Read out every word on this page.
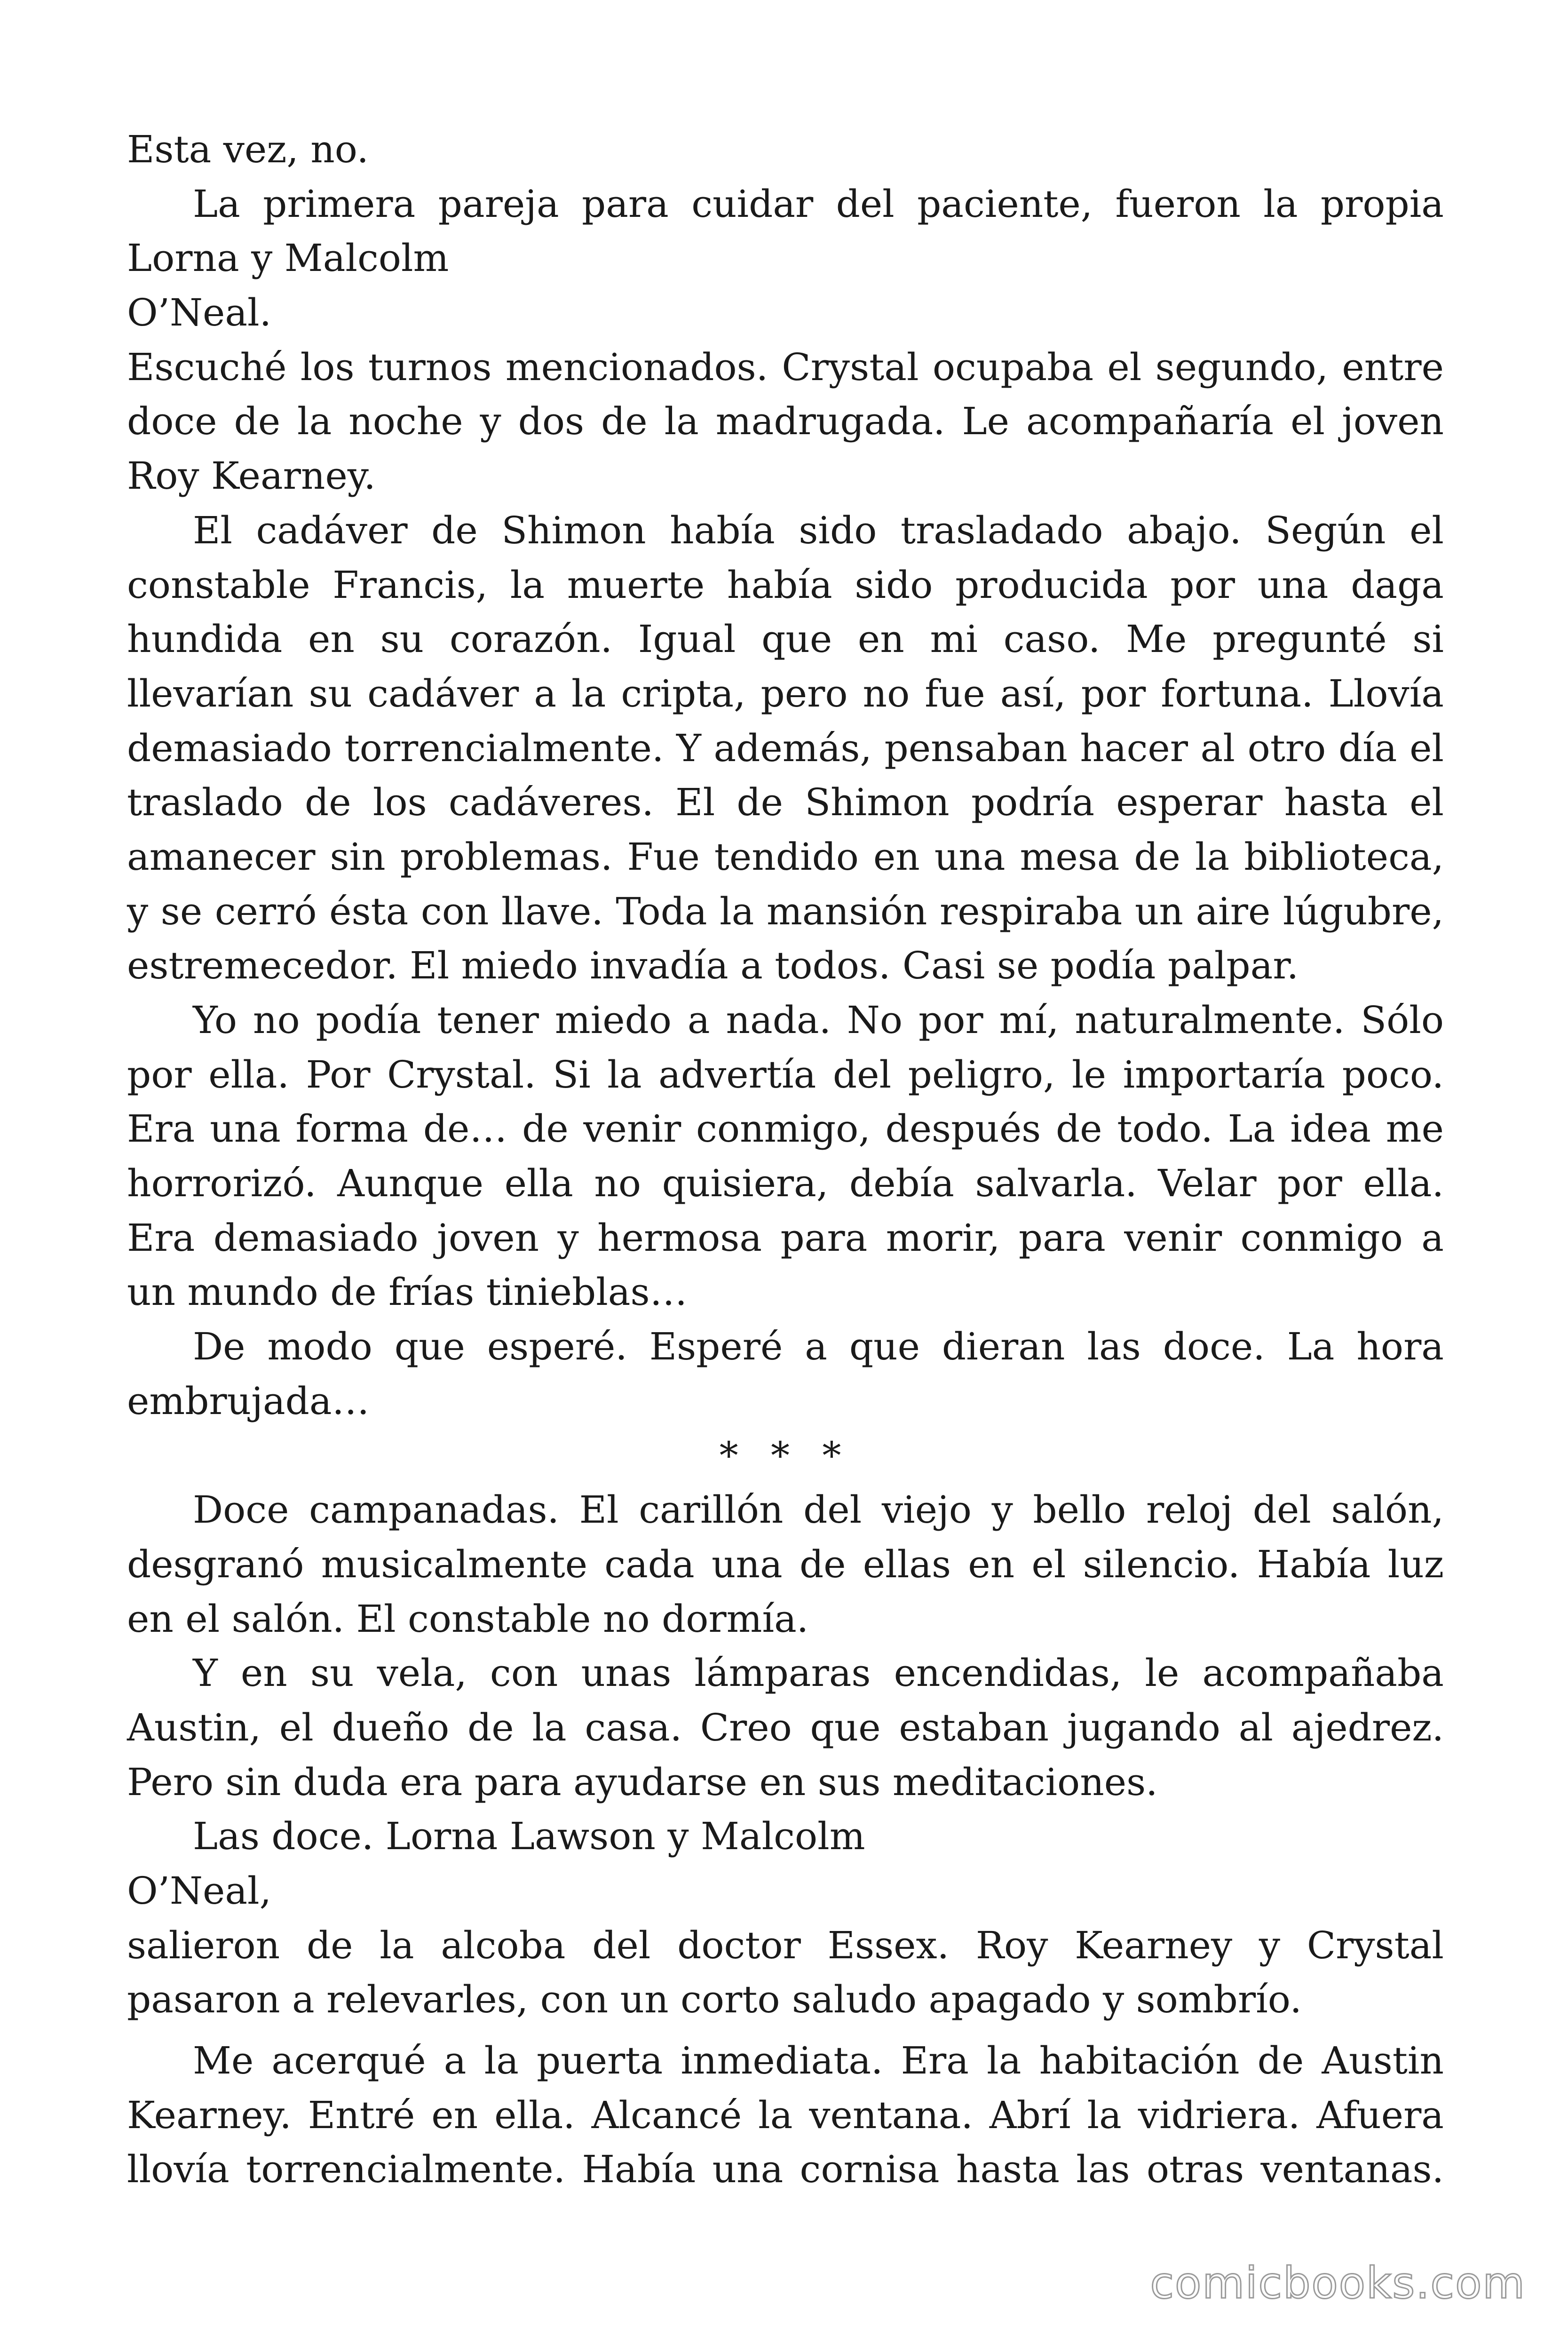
Esta vez, no.
La primera pareja para cuidar del paciente, fueron la propia
Lorna y Malcolm
O’Neal.
Escuché los turnos mencionados. Crystal ocupaba el segundo, entre
doce de la noche y dos de la madrugada. Le acompañaría el joven
Roy Kearney.
El cadáver de Shimon había sido trasladado abajo. Según el
constable Francis, la muerte había sido producida por una daga
hundida en su corazón. Igual que en mi caso. Me pregunté si
llevarían su cadáver a la cripta, pero no fue así, por fortuna. Llovía
demasiado torrencialmente. Y además, pensaban hacer al otro día el
traslado de los cadáveres. El de Shimon podría esperar hasta el
amanecer sin problemas. Fue tendido en una mesa de la biblioteca,
y se cerró ésta con llave. Toda la mansión respiraba un aire lúgubre,
estremecedor. El miedo invadía a todos. Casi se podía palpar.
Yo no podía tener miedo a nada. No por mí, naturalmente. Sólo
por ella. Por Crystal. Si la advertía del peligro, le importaría poco.
Era una forma de… de venir conmigo, después de todo. La idea me
horrorizó. Aunque ella no quisiera, debía salvarla. Velar por ella.
Era demasiado joven y hermosa para morir, para venir conmigo a
un mundo de frías tinieblas…
De modo que esperé. Esperé a que dieran las doce. La hora
embrujada…
* * *
Doce campanadas. El carillón del viejo y bello reloj del salón,
desgranó musicalmente cada una de ellas en el silencio. Había luz
en el salón. El constable no dormía.
Y en su vela, con unas lámparas encendidas, le acompañaba
Austin, el dueño de la casa. Creo que estaban jugando al ajedrez.
Pero sin duda era para ayudarse en sus meditaciones.
Las doce. Lorna Lawson y Malcolm
O’Neal,
salieron de la alcoba del doctor Essex. Roy Kearney y Crystal
pasaron a relevarles, con un corto saludo apagado y sombrío.
Me acerqué a la puerta inmediata. Era la habitación de Austin
Kearney. Entré en ella. Alcancé la ventana. Abrí la vidriera. Afuera
llovía torrencialmente. Había una cornisa hasta las otras ventanas.
comicbooks.com
